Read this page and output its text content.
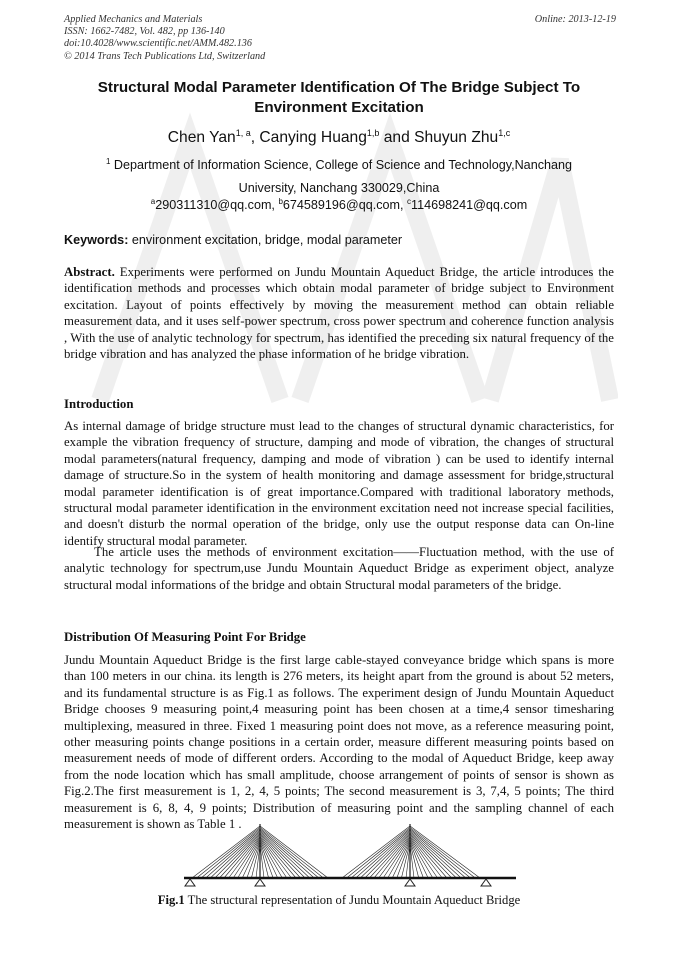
Applied Mechanics and Materials
ISSN: 1662-7482, Vol. 482, pp 136-140
doi:10.4028/www.scientific.net/AMM.482.136
© 2014 Trans Tech Publications Ltd, Switzerland
Online: 2013-12-19
Structural Modal Parameter Identification Of The Bridge Subject To
Environment Excitation
Chen Yan$^{1, a}$, Canying Huang$^{1,b}$ and Shuyun Zhu$^{1,c}$
$^1$ Department of Information Science, College of Science and Technology,Nanchang
University, Nanchang 330029,China
$^a$290311310@qq.com, $^b$674589196@qq.com, $^c$114698241@qq.com
Keywords: environment excitation, bridge, modal parameter
Abstract. Experiments were performed on Jundu Mountain Aqueduct Bridge, the article introduces the identification methods and processes which obtain modal parameter of bridge subject to Environment excitation. Layout of points effectively by moving the measurement method can obtain reliable measurement data, and it uses self-power spectrum, cross power spectrum and coherence function analysis , With the use of analytic technology for spectrum, has identified the preceding six natural frequency of the bridge vibration and has analyzed the phase information of he bridge vibration.
Introduction
As internal damage of bridge structure must lead to the changes of structural dynamic characteristics, for example the vibration frequency of structure, damping and mode of vibration, the changes of structural modal parameters(natural frequency, damping and mode of vibration ) can be used to identify internal damage of structure.So in the system of health monitoring and damage assessment for bridge,structural modal parameter identification is of great importance.Compared with traditional laboratory methods, structural modal parameter identification in the environment excitation need not increase special facilities, and doesn't disturb the normal operation of the bridge, only use the output response data can On-line identify structural modal parameter.
The article uses the methods of environment excitation——Fluctuation method, with the use of analytic technology for spectrum,use Jundu Mountain Aqueduct Bridge as experiment object, analyze structural modal informations of the bridge and obtain Structural modal parameters of the bridge.
Distribution Of Measuring Point For Bridge
Jundu Mountain Aqueduct Bridge is the first large cable-stayed conveyance bridge which spans is more than 100 meters in our china. its length is 276 meters, its height apart from the ground is about 52 meters, and its fundamental structure is as Fig.1 as follows. The experiment design of Jundu Mountain Aqueduct Bridge chooses 9 measuring point,4 measuring point has been chosen at a time,4 sensor timesharing multiplexing, measured in three. Fixed 1 measuring point does not move, as a reference measuring point, other measuring points change positions in a certain order, measure different measuring points based on measurement needs of mode of different orders. According to the modal of Aqueduct Bridge, keep away from the node location which has small amplitude, choose arrangement of points of sensor is shown as Fig.2.The first measurement is 1, 2, 4, 5 points; The second measurement is 3, 7,4, 5 points; The third measurement is 6, 8, 4, 9 points; Distribution of measuring point and the sampling channel of each measurement is shown as Table 1 .
Fig.1 The structural representation of Jundu Mountain Aqueduct Bridge
